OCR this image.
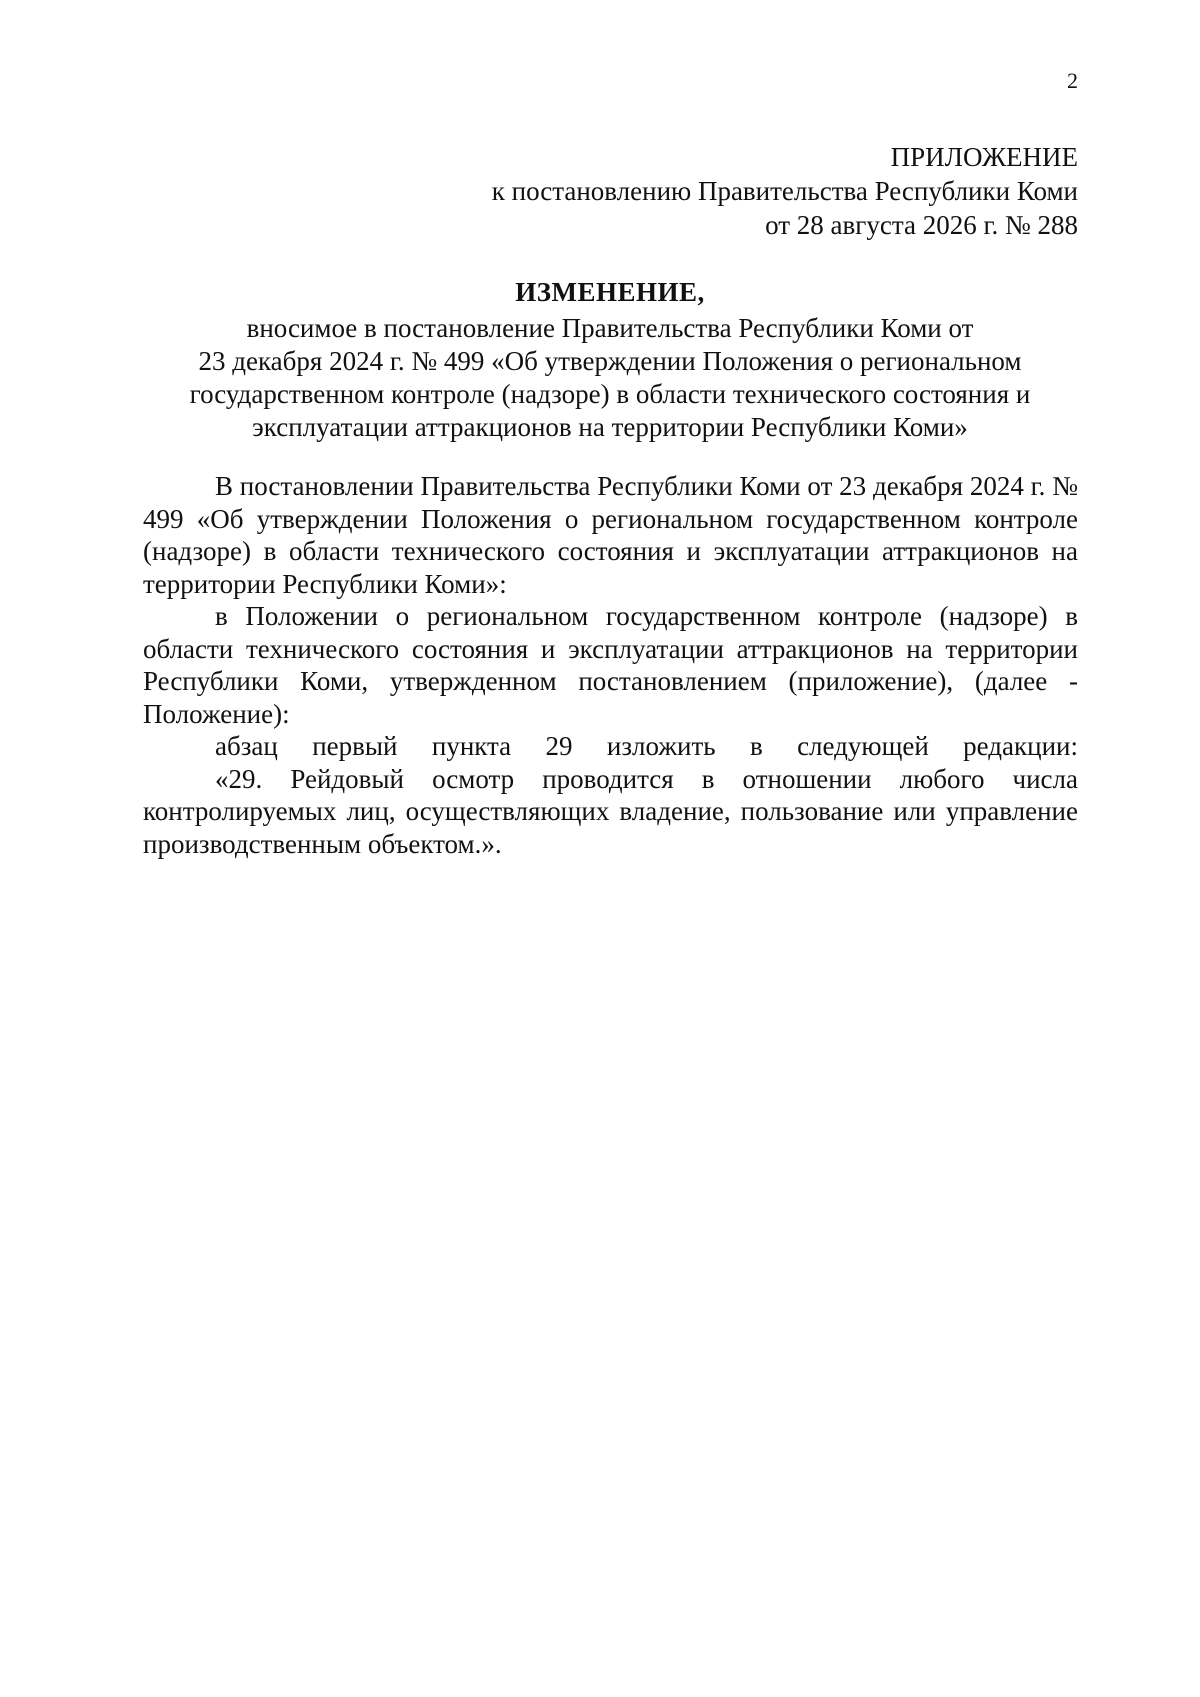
2
ПРИЛОЖЕНИЕ
к постановлению Правительства Республики Коми
от 28 августа 2026 г. № 288
ИЗМЕНЕНИЕ,
вносимое в постановление Правительства Республики Коми от
23 декабря 2024 г. № 499 «Об утверждении Положения о региональном
государственном контроле (надзоре) в области технического состояния и
эксплуатации аттракционов на территории Республики Коми»

В постановлении Правительства Республики Коми от 23 декабря 2024 г. № 499 «Об утверждении Положения о региональном государственном контроле (надзоре) в области технического состояния и эксплуатации аттракционов на территории Республики Коми»:

в Положении о региональном государственном контроле (надзоре) в области технического состояния и эксплуатации аттракционов на территории Республики Коми, утвержденном постановлением (приложение), (далее - Положение):

абзац первый пункта 29 изложить в следующей редакции:

«29. Рейдовый осмотр проводится в отношении любого числа контролируемых лиц, осуществляющих владение, пользование или управление производственным объектом.».
